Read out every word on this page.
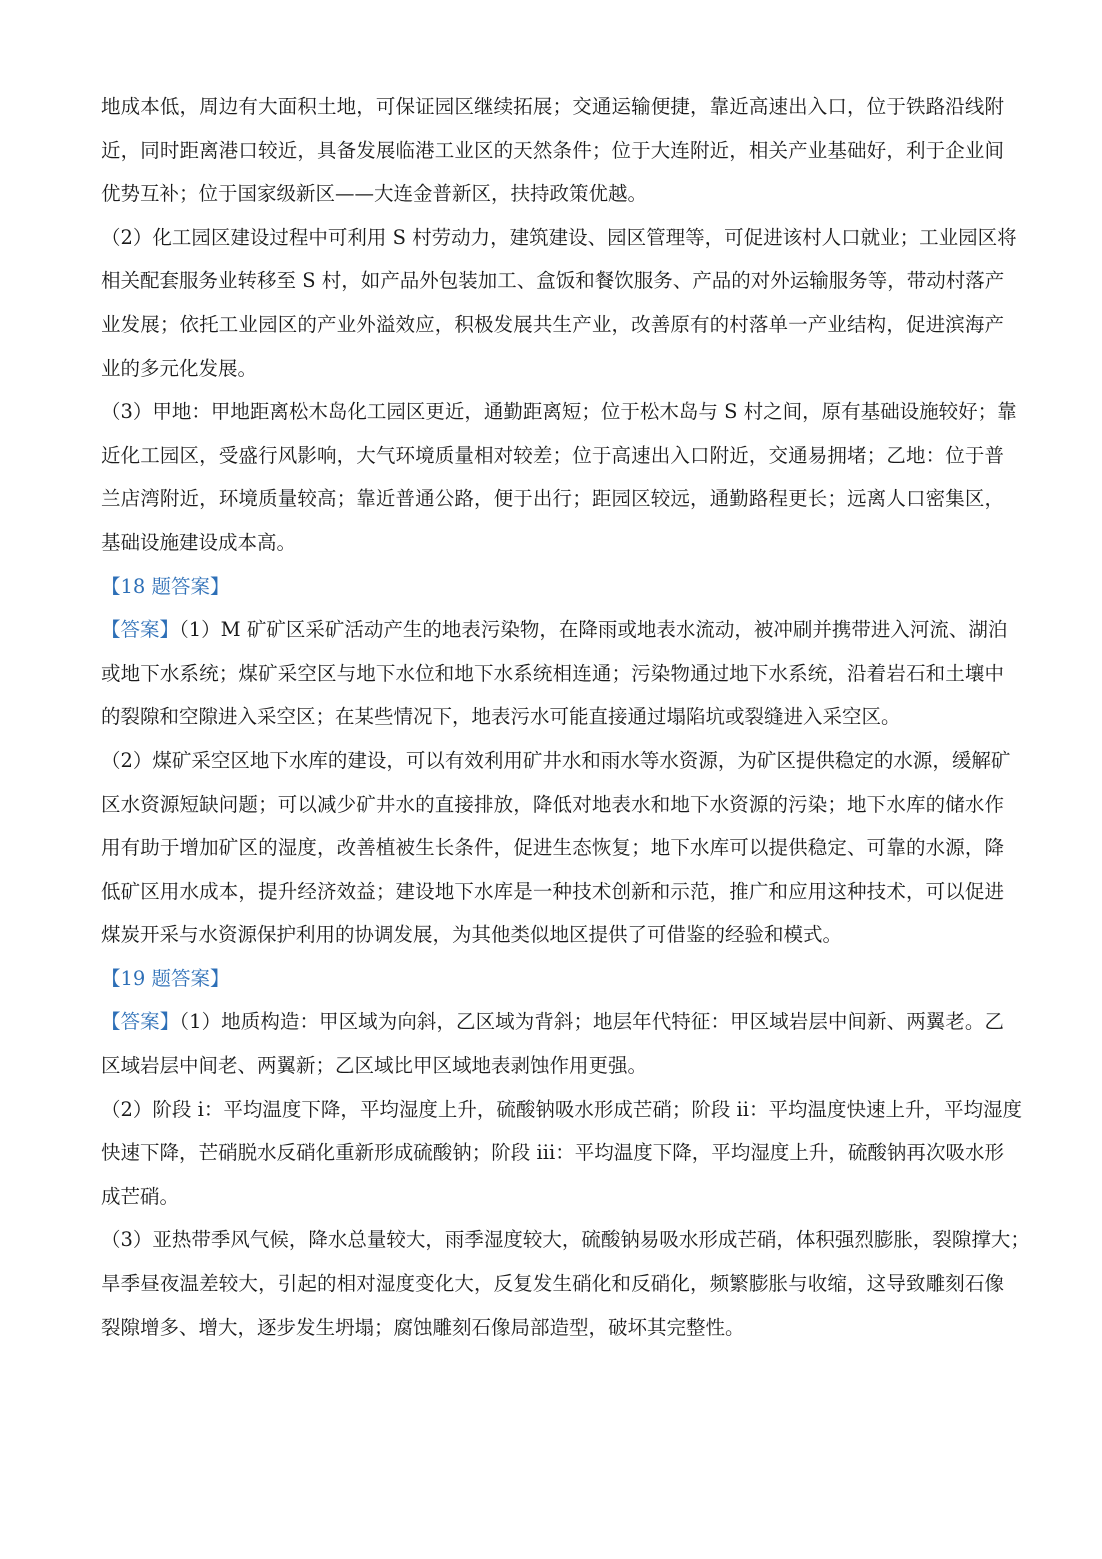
地成本低，周边有大面积土地，可保证园区继续拓展；交通运输便捷，靠近高速出入口，位于铁路沿线附
近，同时距离港口较近，具备发展临港工业区的天然条件；位于大连附近，相关产业基础好，利于企业间
优势互补；位于国家级新区——大连金普新区，扶持政策优越。
（2）化工园区建设过程中可利用 S 村劳动力，建筑建设、园区管理等，可促进该村人口就业；工业园区将
相关配套服务业转移至 S 村，如产品外包装加工、盒饭和餐饮服务、产品的对外运输服务等，带动村落产
业发展；依托工业园区的产业外溢效应，积极发展共生产业，改善原有的村落单一产业结构，促进滨海产
业的多元化发展。
（3）甲地：甲地距离松木岛化工园区更近，通勤距离短；位于松木岛与 S 村之间，原有基础设施较好；靠
近化工园区，受盛行风影响，大气环境质量相对较差；位于高速出入口附近，交通易拥堵；乙地：位于普
兰店湾附近，环境质量较高；靠近普通公路，便于出行；距园区较远，通勤路程更长；远离人口密集区，
基础设施建设成本高。
【18 题答案】
【答案】（1）M 矿矿区采矿活动产生的地表污染物，在降雨或地表水流动，被冲刷并携带进入河流、湖泊
或地下水系统；煤矿采空区与地下水位和地下水系统相连通；污染物通过地下水系统，沿着岩石和土壤中
的裂隙和空隙进入采空区；在某些情况下，地表污水可能直接通过塌陷坑或裂缝进入采空区。
（2）煤矿采空区地下水库的建设，可以有效利用矿井水和雨水等水资源，为矿区提供稳定的水源，缓解矿
区水资源短缺问题；可以减少矿井水的直接排放，降低对地表水和地下水资源的污染；地下水库的储水作
用有助于增加矿区的湿度，改善植被生长条件，促进生态恢复；地下水库可以提供稳定、可靠的水源，降
低矿区用水成本，提升经济效益；建设地下水库是一种技术创新和示范，推广和应用这种技术，可以促进
煤炭开采与水资源保护利用的协调发展，为其他类似地区提供了可借鉴的经验和模式。
【19 题答案】
【答案】（1）地质构造：甲区域为向斜，乙区域为背斜；地层年代特征：甲区域岩层中间新、两翼老。乙
区域岩层中间老、两翼新；乙区域比甲区域地表剥蚀作用更强。
（2）阶段 i：平均温度下降，平均湿度上升，硫酸钠吸水形成芒硝；阶段 ii：平均温度快速上升，平均湿度
快速下降，芒硝脱水反硝化重新形成硫酸钠；阶段 iii：平均温度下降，平均湿度上升，硫酸钠再次吸水形
成芒硝。
（3）亚热带季风气候，降水总量较大，雨季湿度较大，硫酸钠易吸水形成芒硝，体积强烈膨胀，裂隙撑大；
旱季昼夜温差较大，引起的相对湿度变化大，反复发生硝化和反硝化，频繁膨胀与收缩，这导致雕刻石像
裂隙增多、增大，逐步发生坍塌；腐蚀雕刻石像局部造型，破坏其完整性。
